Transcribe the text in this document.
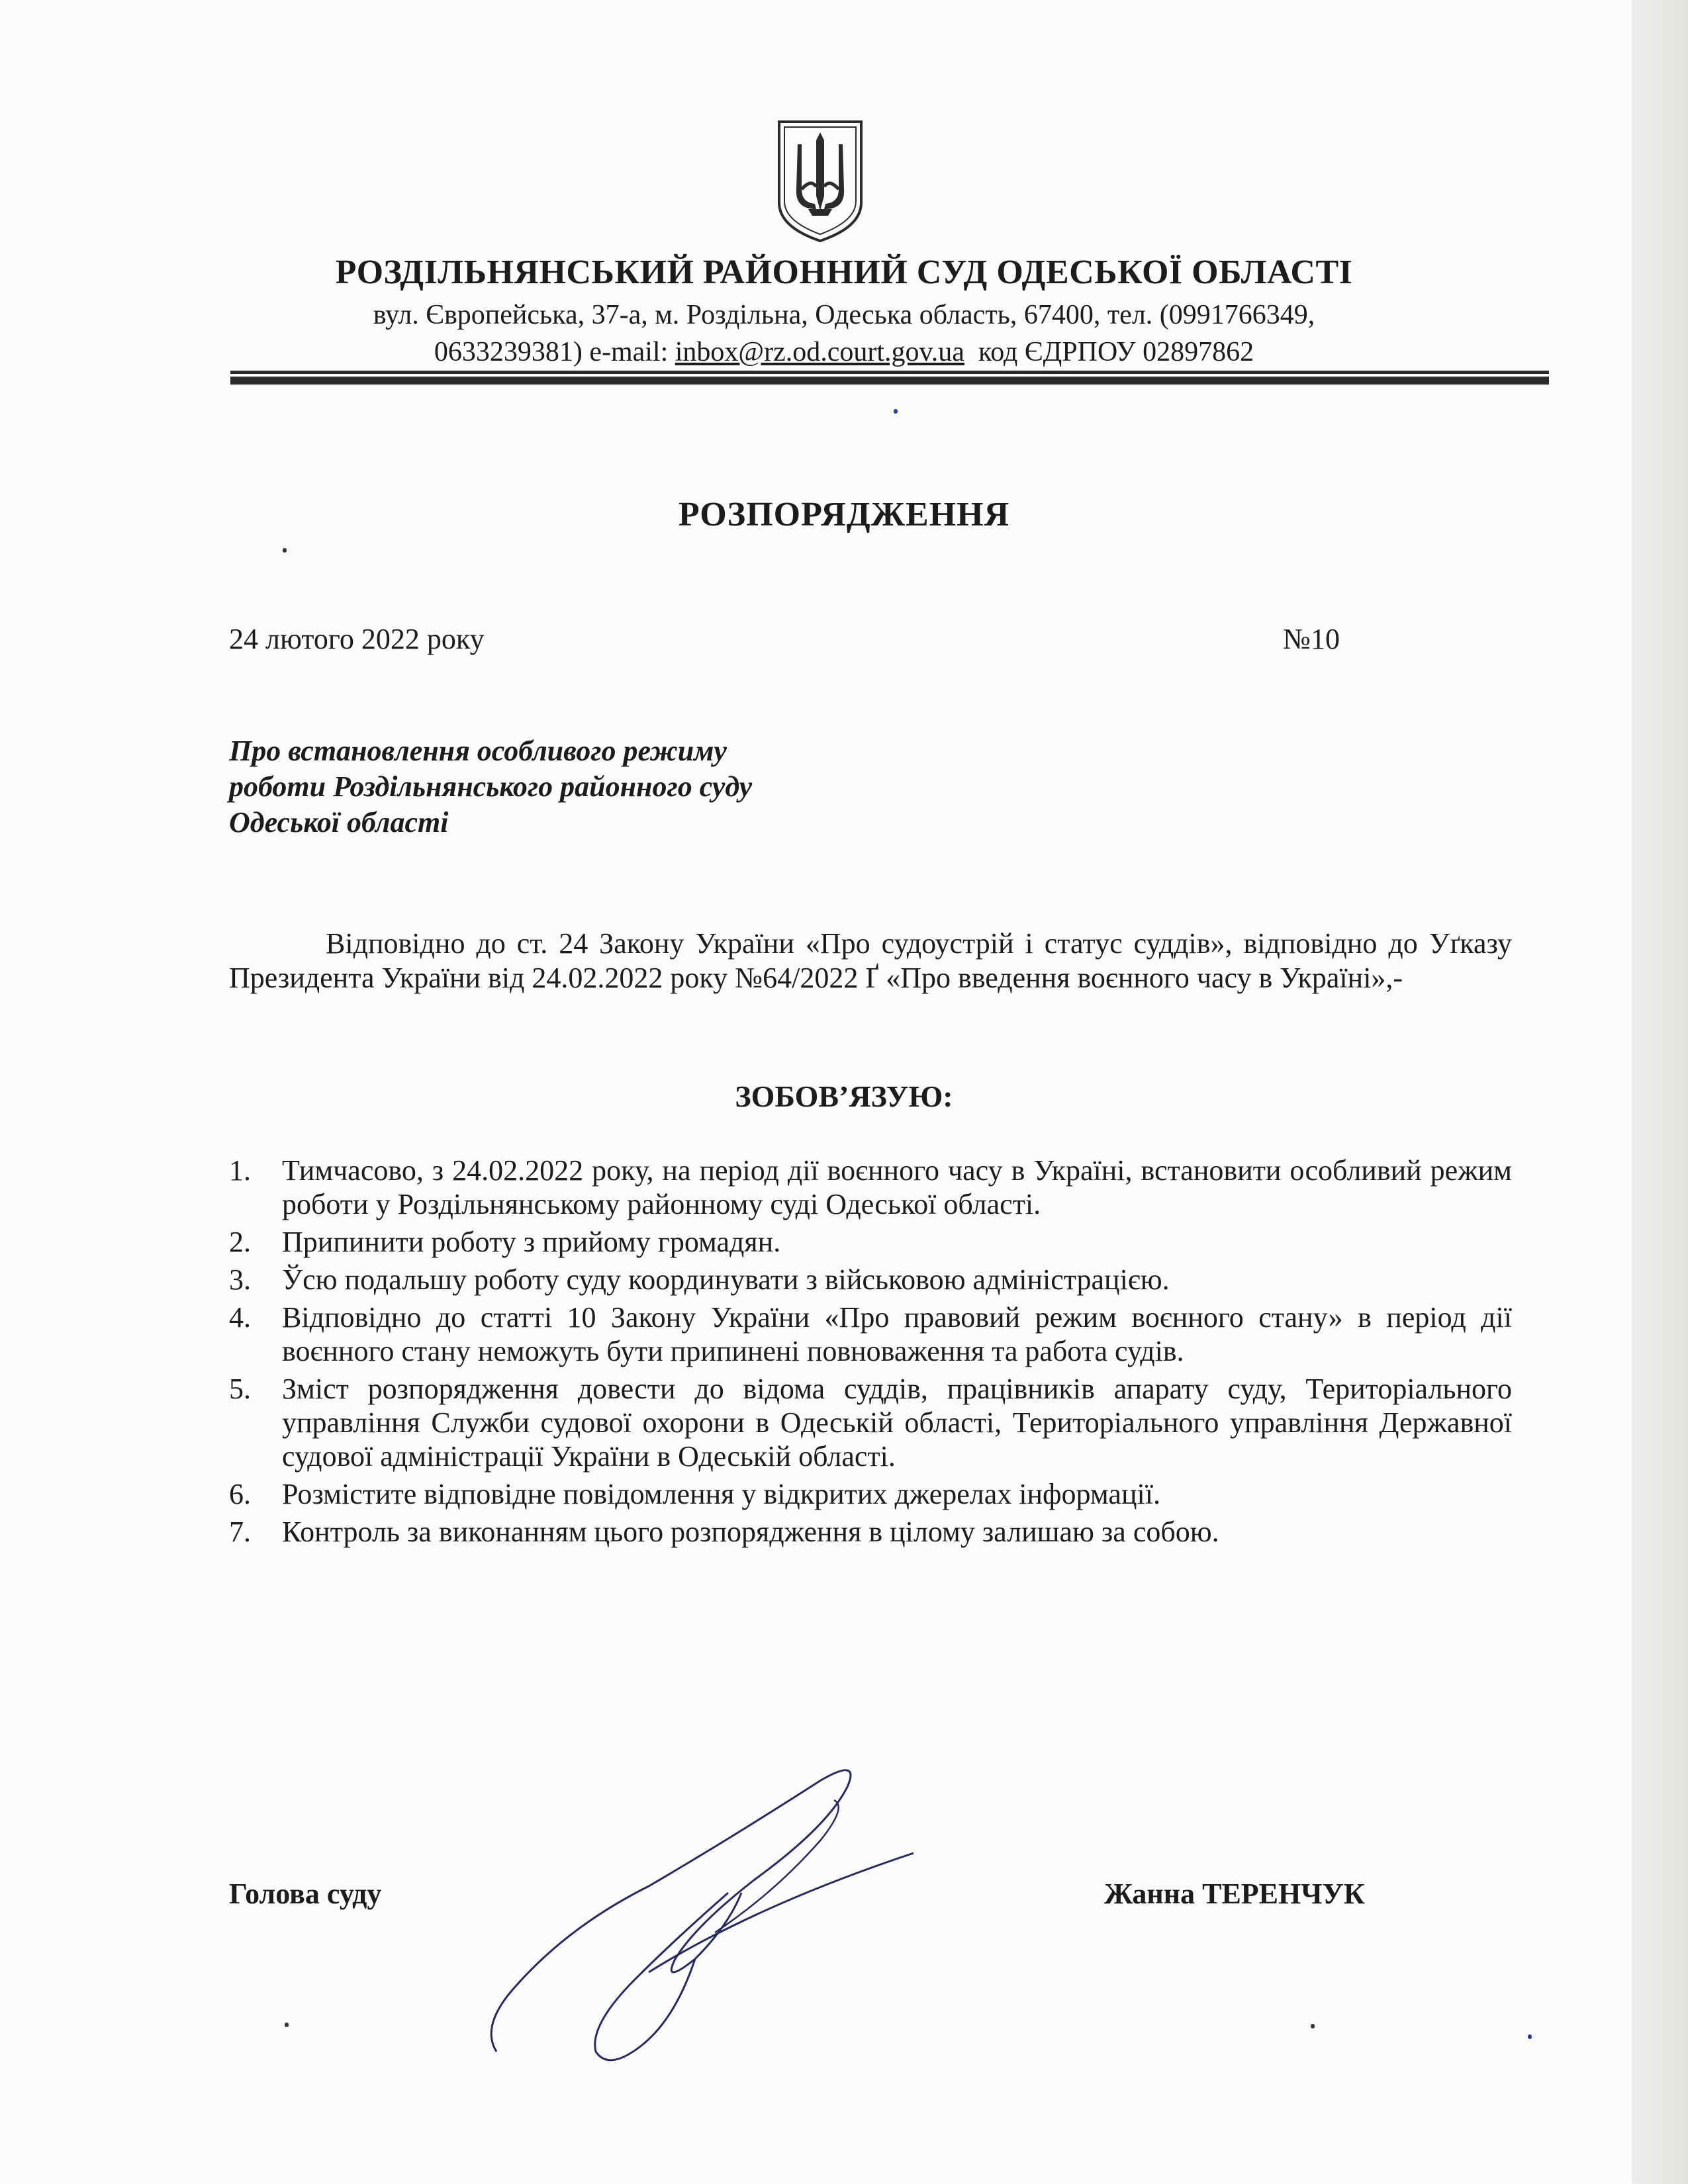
РОЗДІЛЬНЯНСЬКИЙ РАЙОННИЙ СУД ОДЕСЬКОЇ ОБЛАСТІ
вул. Європейська, 37-а, м. Роздільна, Одеська область, 67400, тел. (0991766349,
0633239381) e-mail: inbox@rz.od.court.gov.ua  код ЄДРПОУ 02897862
РОЗПОРЯДЖЕННЯ
24 лютого 2022 року	№10
Про встановлення особливого режиму
роботи Роздільнянського районного суду
Одеської області
Відповідно до ст. 24 Закону України «Про судоустрій і статус суддів», відповідно до Уґказу Президента України від 24.02.2022 року №64/2022 Ґ «Про введення воєнного часу в Україні»,-
ЗОБОВ’ЯЗУЮ:
1. Тимчасово, з 24.02.2022 року, на період дії воєнного часу в Україні, встановити особливий режим роботи у Роздільнянському районному суді Одеської області.
2. Припинити роботу з прийому громадян.
3. Ўсю подальшу роботу суду координувати з військовою адміністрацією.
4. Відповідно до статті 10 Закону України «Про правовий режим воєнного стану» в період дії воєнного стану неможуть бути припинені повноваження та работа судів.
5. Зміст розпорядження довести до відома суддів, працівників апарату суду, Територіального управління Служби судової охорони в Одеській області, Територіального управління Державної судової адміністрації України в Одеській області.
6. Розмістите відповідне повідомлення у відкритих джерелах інформації.
7. Контроль за виконанням цього розпорядження в цілому залишаю за собою.
Голова суду	Жанна ТЕРЕНЧУК
